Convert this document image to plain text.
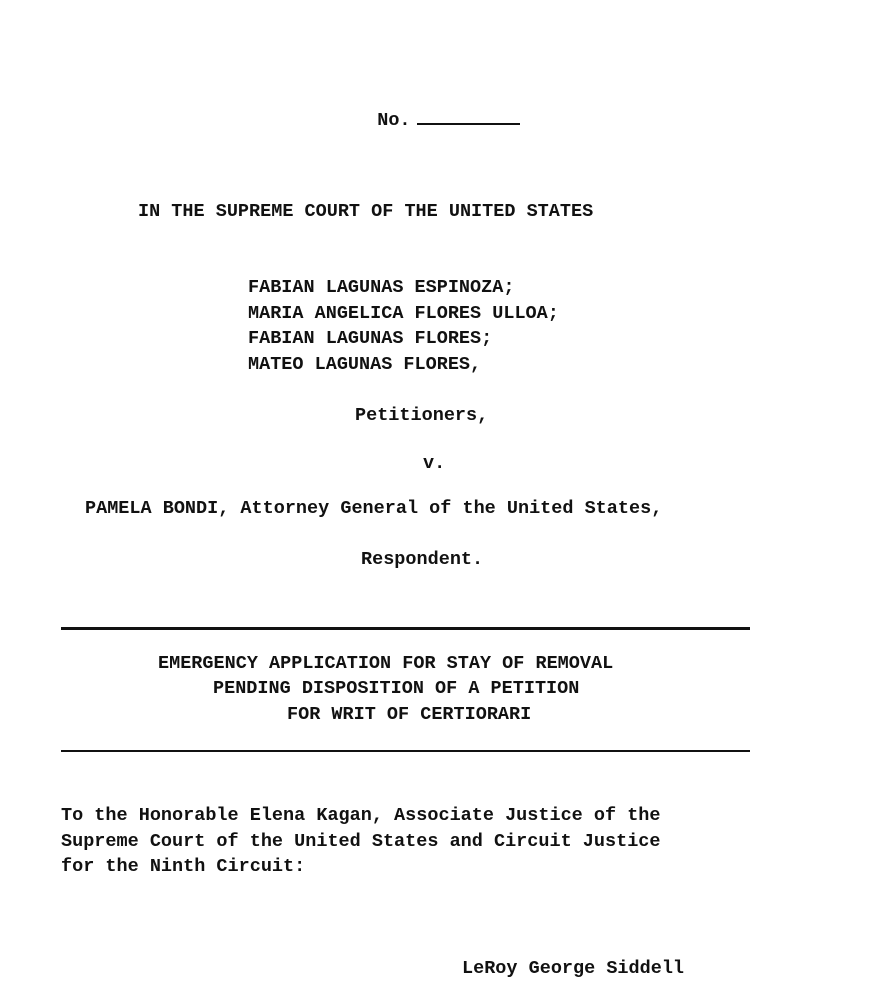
No.

IN THE SUPREME COURT OF THE UNITED STATES
FABIAN LAGUNAS ESPINOZA;
MARIA ANGELICA FLORES ULLOA;
FABIAN LAGUNAS FLORES;
MATEO LAGUNAS FLORES,
Petitioners,
v.
PAMELA BONDI, Attorney General of the United States,
Respondent.
EMERGENCY APPLICATION FOR STAY OF REMOVAL
PENDING DISPOSITION OF A PETITION
FOR WRIT OF CERTIORARI
To the Honorable Elena Kagan, Associate Justice of the
Supreme Court of the United States and Circuit Justice
for the Ninth Circuit:
LeRoy George Siddell
